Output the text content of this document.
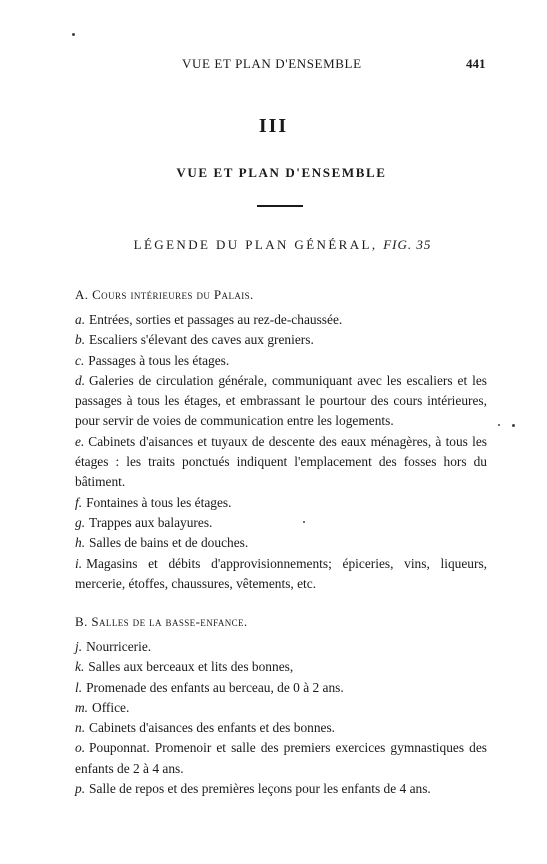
VUE ET PLAN D'ENSEMBLE	441
III
VUE ET PLAN D'ENSEMBLE
LÉGENDE DU PLAN GÉNÉRAL, FIG. 35
A. Cours intérieures du Palais.
a. Entrées, sorties et passages au rez-de-chaussée.
b. Escaliers s'élevant des caves aux greniers.
c. Passages à tous les étages.
d. Galeries de circulation générale, communiquant avec les escaliers et les passages à tous les étages, et embrassant le pourtour des cours intérieures, pour servir de voies de communication entre les logements.
e. Cabinets d'aisances et tuyaux de descente des eaux ménagères, à tous les étages : les traits ponctués indiquent l'emplacement des fosses hors du bâtiment.
f. Fontaines à tous les étages.
g. Trappes aux balayures.
h. Salles de bains et de douches.
i. Magasins et débits d'approvisionnements; épiceries, vins, liqueurs, mercerie, étoffes, chaussures, vêtements, etc.
B. Salles de la basse-enfance.
j. Nourricerie.
k. Salles aux berceaux et lits des bonnes,
l. Promenade des enfants au berceau, de 0 à 2 ans.
m. Office.
n. Cabinets d'aisances des enfants et des bonnes.
o. Pouponnat. Promenoir et salle des premiers exercices gymnastiques des enfants de 2 à 4 ans.
p. Salle de repos et des premières leçons pour les enfants de 4 ans.
